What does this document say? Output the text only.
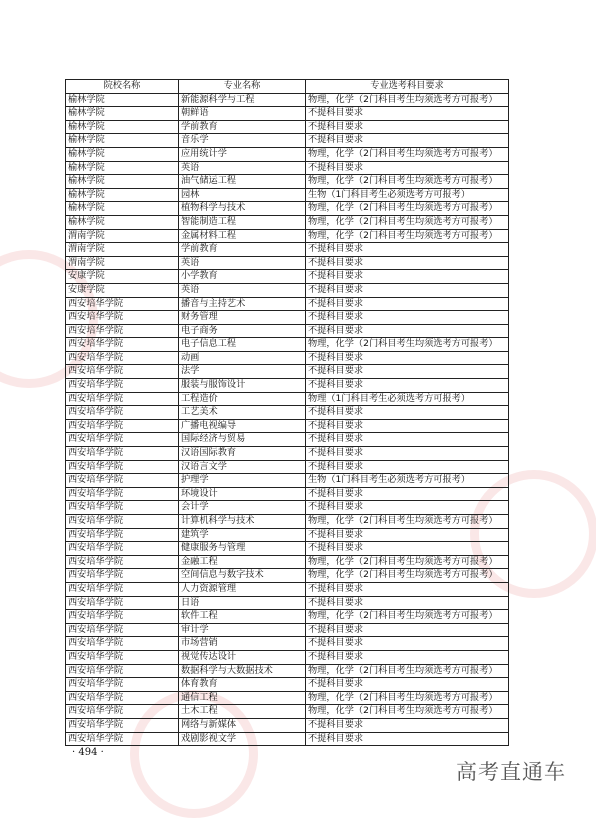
院校名称	专业名称	专业选考科目要求
榆林学院	新能源科学与工程	物理，化学（2门科目考生均须选考方可报考）
榆林学院	朝鲜语	不提科目要求
榆林学院	学前教育	不提科目要求
榆林学院	音乐学	不提科目要求
榆林学院	应用统计学	物理，化学（2门科目考生均须选考方可报考）
榆林学院	英语	不提科目要求
榆林学院	油气储运工程	物理，化学（2门科目考生均须选考方可报考）
榆林学院	园林	生物（1门科目考生必须选考方可报考）
榆林学院	植物科学与技术	物理，化学（2门科目考生均须选考方可报考）
榆林学院	智能制造工程	物理，化学（2门科目考生均须选考方可报考）
渭南学院	金属材料工程	物理，化学（2门科目考生均须选考方可报考）
渭南学院	学前教育	不提科目要求
渭南学院	英语	不提科目要求
安康学院	小学教育	不提科目要求
安康学院	英语	不提科目要求
西安培华学院	播音与主持艺术	不提科目要求
西安培华学院	财务管理	不提科目要求
西安培华学院	电子商务	不提科目要求
西安培华学院	电子信息工程	物理，化学（2门科目考生均须选考方可报考）
西安培华学院	动画	不提科目要求
西安培华学院	法学	不提科目要求
西安培华学院	服装与服饰设计	不提科目要求
西安培华学院	工程造价	物理（1门科目考生必须选考方可报考）
西安培华学院	工艺美术	不提科目要求
西安培华学院	广播电视编导	不提科目要求
西安培华学院	国际经济与贸易	不提科目要求
西安培华学院	汉语国际教育	不提科目要求
西安培华学院	汉语言文学	不提科目要求
西安培华学院	护理学	生物（1门科目考生必须选考方可报考）
西安培华学院	环境设计	不提科目要求
西安培华学院	会计学	不提科目要求
西安培华学院	计算机科学与技术	物理，化学（2门科目考生均须选考方可报考）
西安培华学院	建筑学	不提科目要求
西安培华学院	健康服务与管理	不提科目要求
西安培华学院	金融工程	物理，化学（2门科目考生均须选考方可报考）
西安培华学院	空间信息与数字技术	物理，化学（2门科目考生均须选考方可报考）
西安培华学院	人力资源管理	不提科目要求
西安培华学院	日语	不提科目要求
西安培华学院	软件工程	物理，化学（2门科目考生均须选考方可报考）
西安培华学院	审计学	不提科目要求
西安培华学院	市场营销	不提科目要求
西安培华学院	视觉传达设计	不提科目要求
西安培华学院	数据科学与大数据技术	物理，化学（2门科目考生均须选考方可报考）
西安培华学院	体育教育	不提科目要求
西安培华学院	通信工程	物理，化学（2门科目考生均须选考方可报考）
西安培华学院	土木工程	物理，化学（2门科目考生均须选考方可报考）
西安培华学院	网络与新媒体	不提科目要求
西安培华学院	戏剧影视文学	不提科目要求
· 494 ·
高考直通车
